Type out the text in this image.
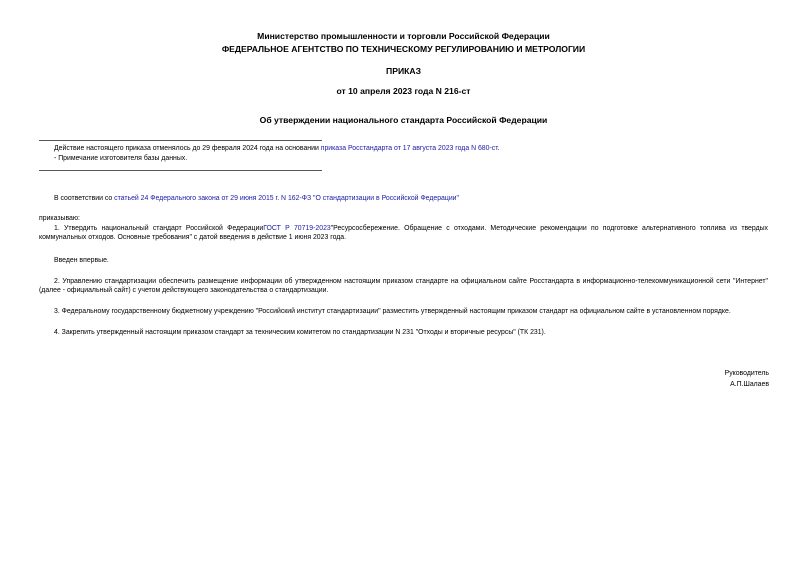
Министерство промышленности и торговли Российской Федерации
ФЕДЕРАЛЬНОЕ АГЕНТСТВО ПО ТЕХНИЧЕСКОМУ РЕГУЛИРОВАНИЮ И МЕТРОЛОГИИ
ПРИКАЗ
от 10 апреля 2023 года N 216-ст
Об утверждении национального стандарта Российской Федерации
Действие настоящего приказа отменялось до 29 февраля 2024 года на основании приказа Росстандарта от 17 августа 2023 года N 680-ст.
- Примечание изготовителя базы данных.
В соответствии со статьей 24 Федерального закона от 29 июня 2015 г. N 162-ФЗ "О стандартизации в Российской Федерации"
приказываю:
1. Утвердить национальный стандарт Российской ФедерацииГОСТ Р 70719-2023"Ресурсосбережение. Обращение с отходами. Методические рекомендации по подготовке альтернативного топлива из твердых коммунальных отходов. Основные требования" с датой введения в действие 1 июня 2023 года.
Введен впервые.
2. Управлению стандартизации обеспечить размещение информации об утвержденном настоящим приказом стандарте на официальном сайте Росстандарта в информационно-телекоммуникационной сети "Интернет" (далее - официальный сайт) с учетом действующего законодательства о стандартизации.
3. Федеральному государственному бюджетному учреждению "Российский институт стандартизации" разместить утвержденный настоящим приказом стандарт на официальном сайте в установленном порядке.
4. Закрепить утвержденный настоящим приказом стандарт за техническим комитетом по стандартизации N 231 "Отходы и вторичные ресурсы" (ТК 231).
Руководитель
А.П.Шалаев
